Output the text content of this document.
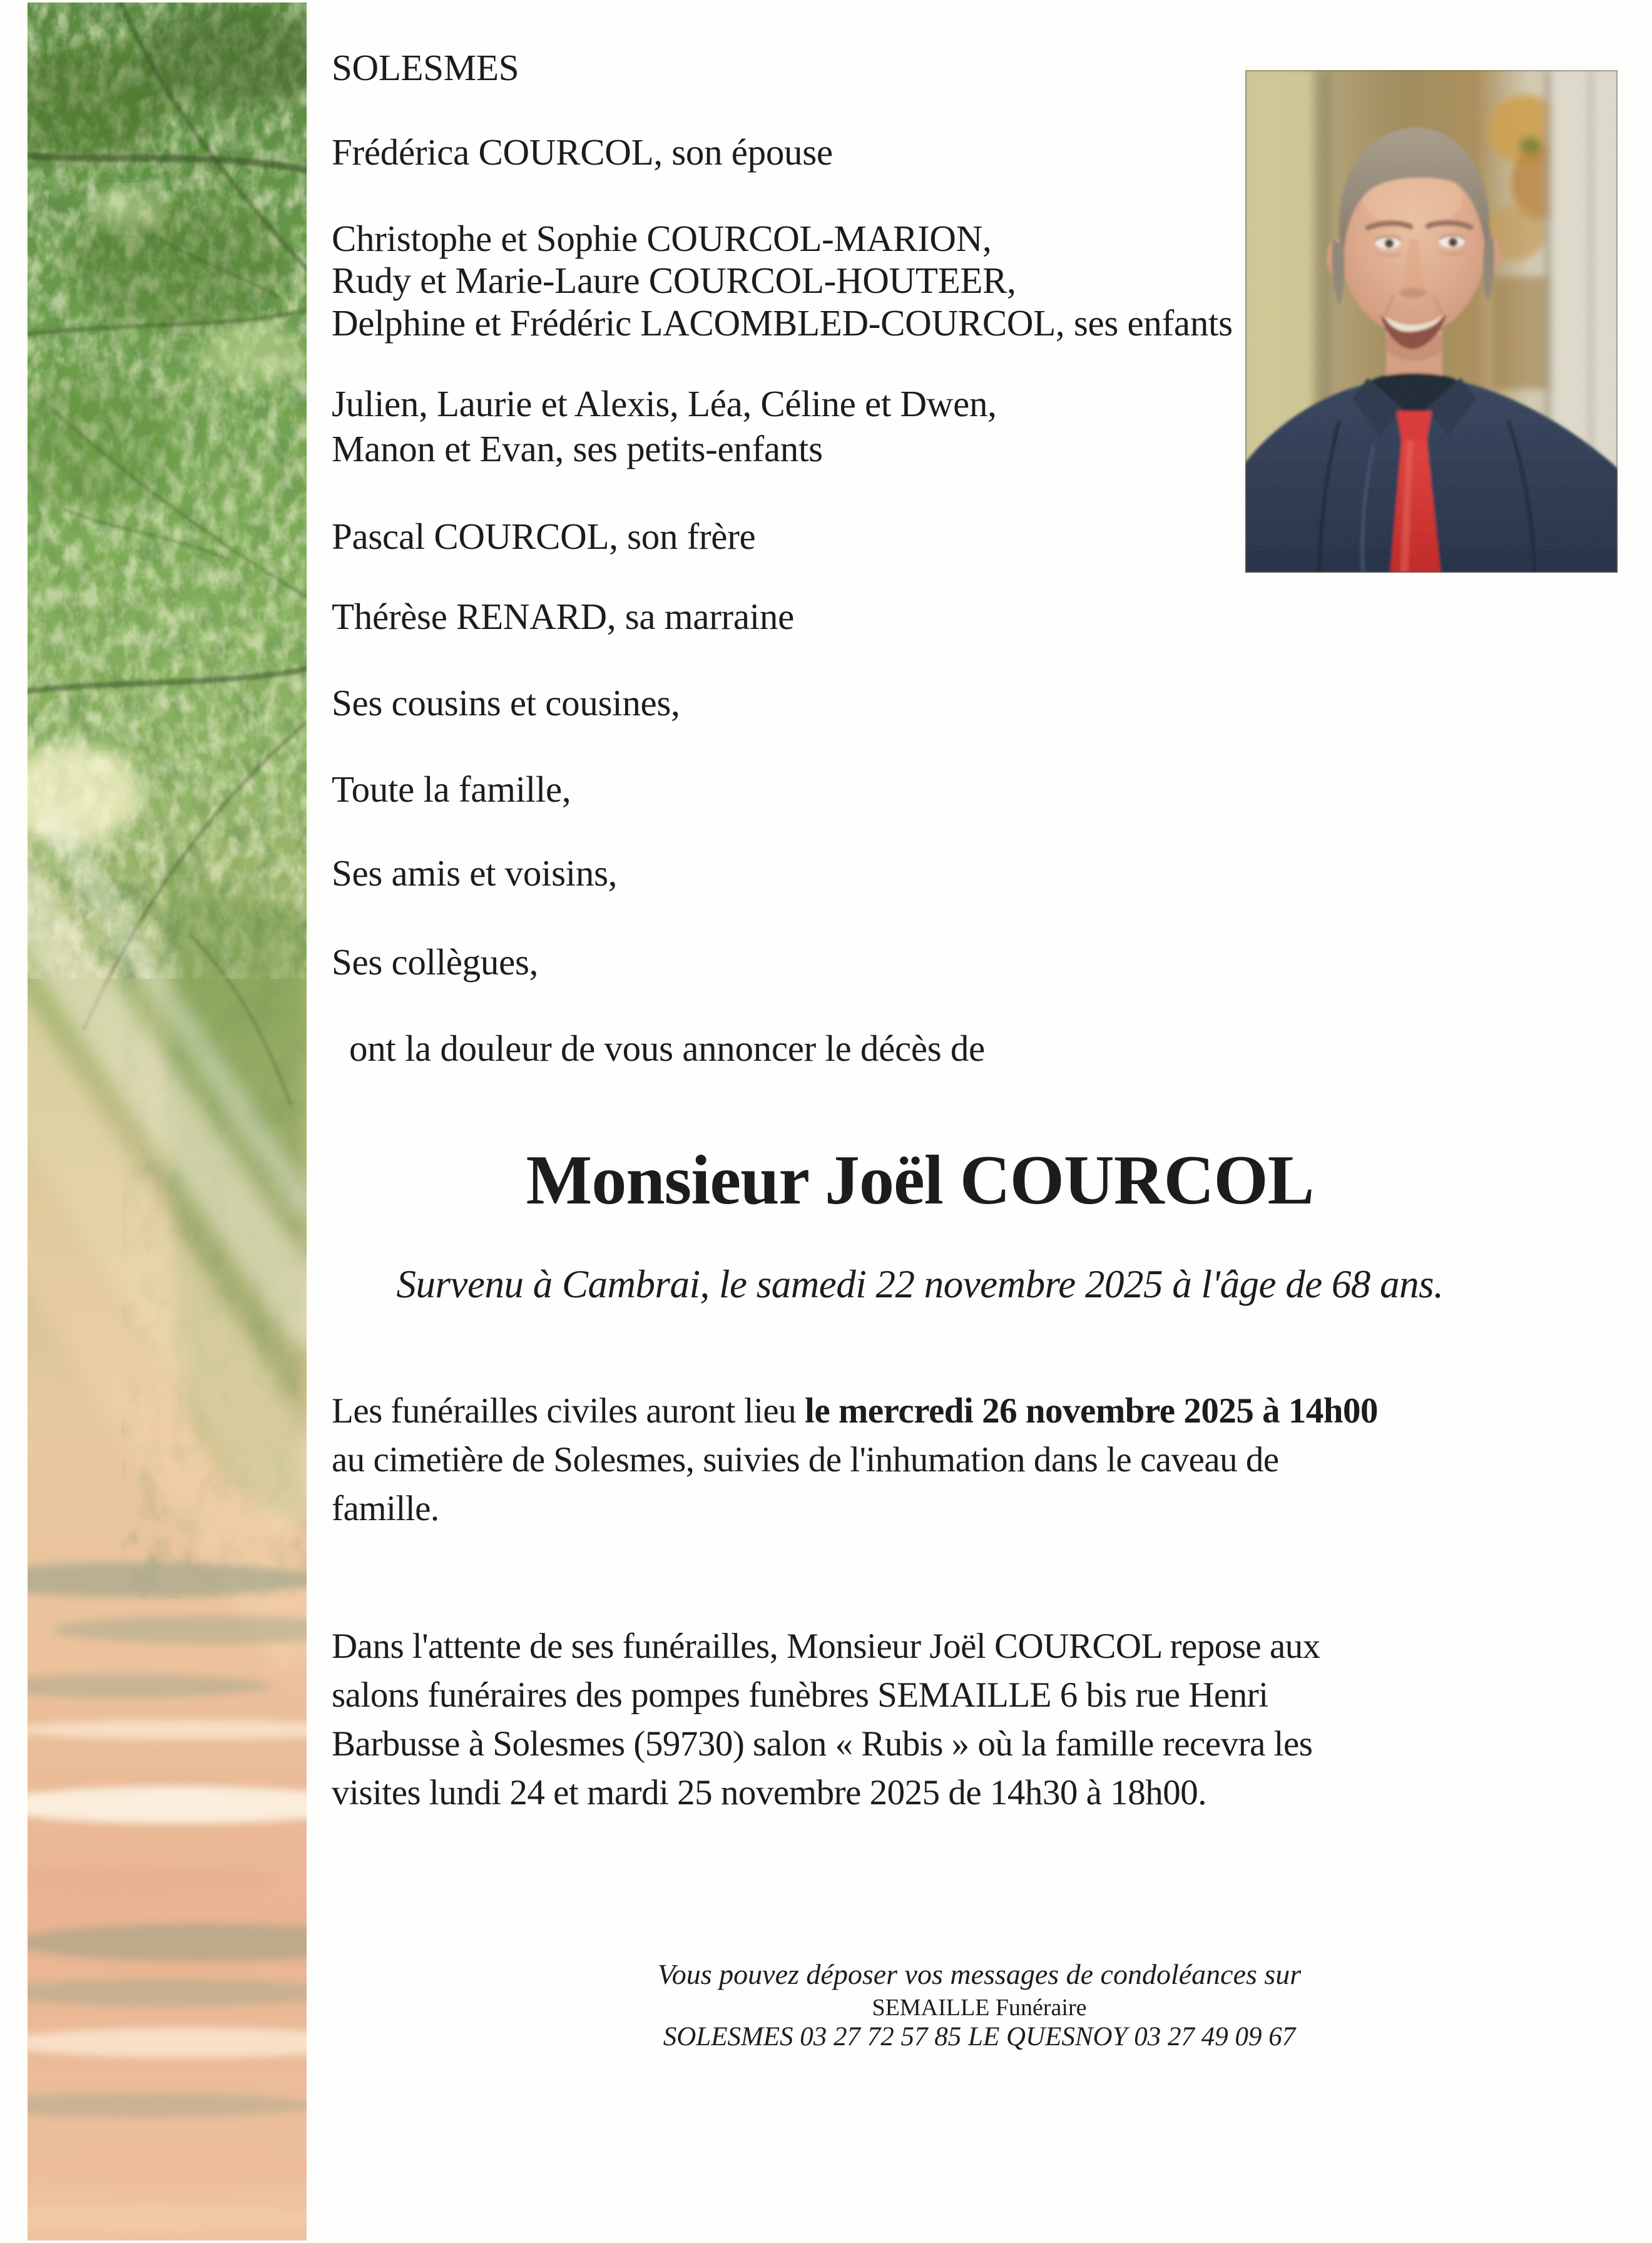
SOLESMES
Frédérica COURCOL, son épouse
Christophe et Sophie COURCOL-MARION,
Rudy et Marie-Laure COURCOL-HOUTEER,
Delphine et Frédéric LACOMBLED-COURCOL, ses enfants
Julien, Laurie et Alexis, Léa, Céline et Dwen,
Manon et Evan, ses petits-enfants
Pascal COURCOL, son frère
Thérèse RENARD, sa marraine
Ses cousins et cousines,
Toute la famille,
Ses amis et voisins,
Ses collègues,
ont la douleur de vous annoncer le décès de
Monsieur Joël COURCOL
Survenu à Cambrai, le samedi 22 novembre 2025 à l'âge de 68 ans.
Les funérailles civiles auront lieu le mercredi 26 novembre 2025 à 14h00
au cimetière de Solesmes, suivies de l'inhumation dans le caveau de
famille.
Dans l'attente de ses funérailles, Monsieur Joël COURCOL repose aux
salons funéraires des pompes funèbres SEMAILLE 6 bis rue Henri
Barbusse à Solesmes (59730) salon « Rubis » où la famille recevra les
visites lundi 24 et mardi 25 novembre 2025 de 14h30 à 18h00.
Vous pouvez déposer vos messages de condoléances sur
SEMAILLE Funéraire
SOLESMES 03 27 72 57 85 LE QUESNOY 03 27 49 09 67
